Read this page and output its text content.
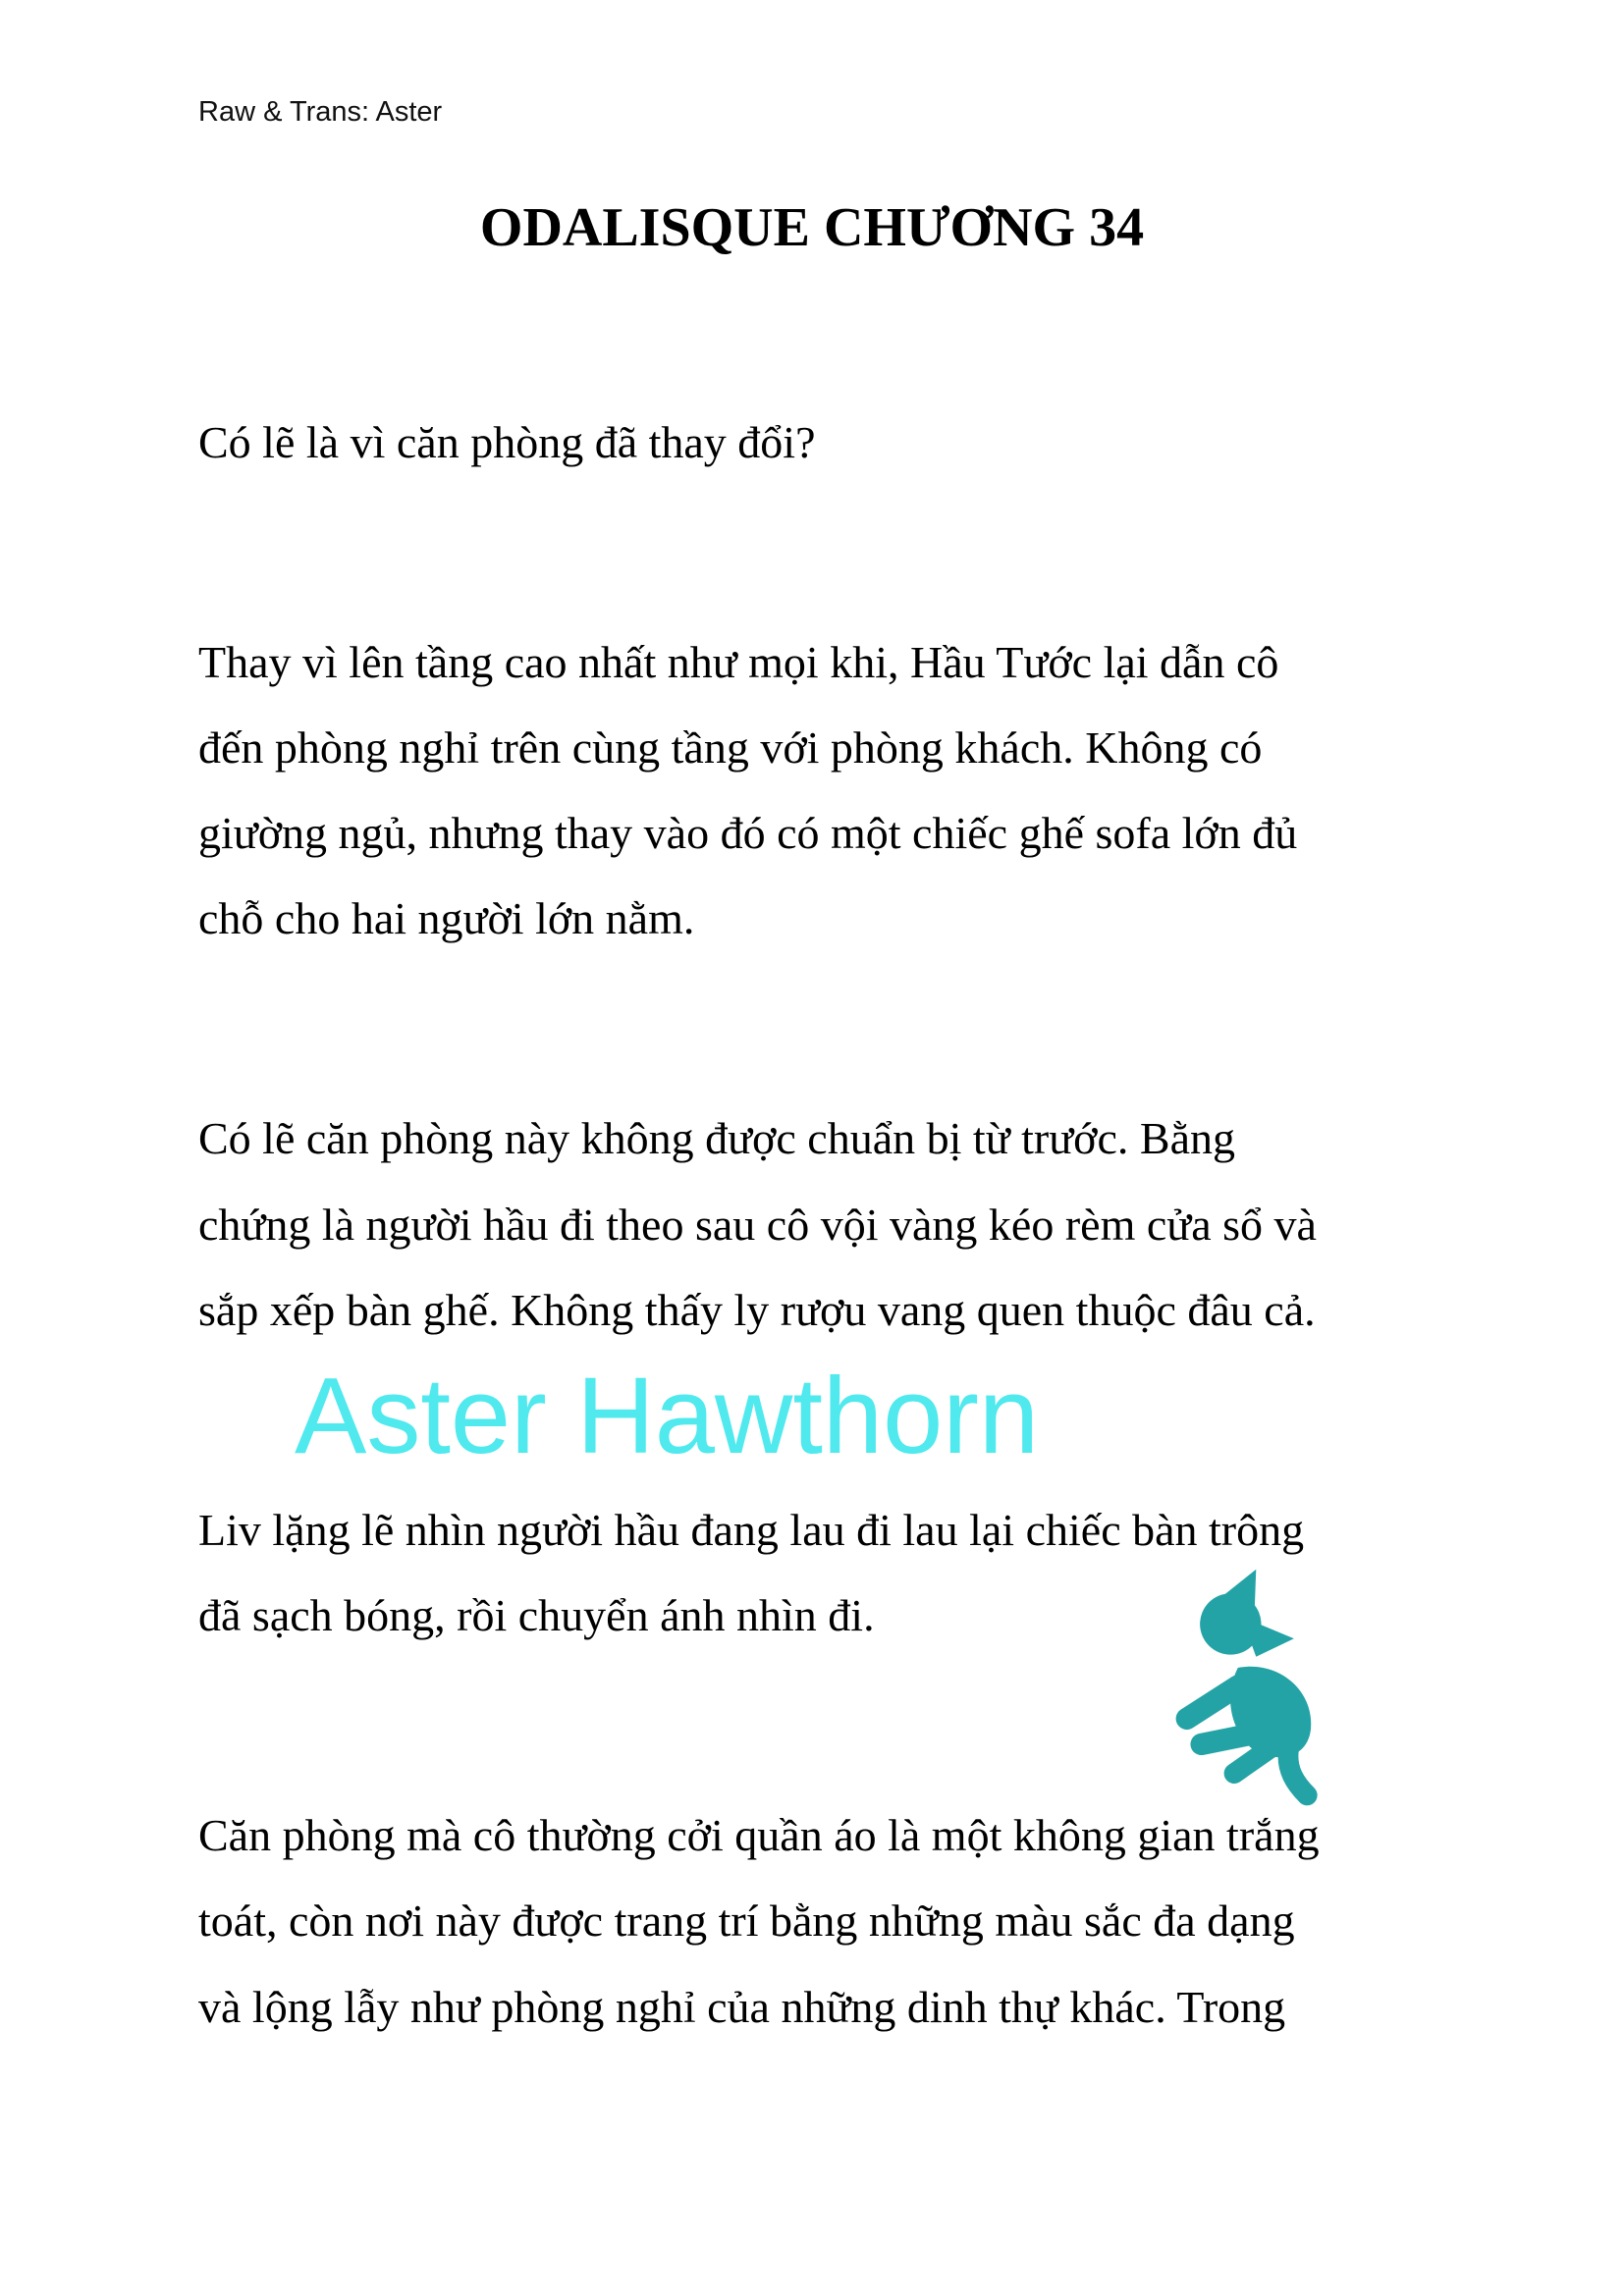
Raw & Trans: Aster
ODALISQUE CHƯƠNG 34
Có lẽ là vì căn phòng đã thay đổi?
Thay vì lên tầng cao nhất như mọi khi, Hầu Tước lại dẫn cô
đến phòng nghỉ trên cùng tầng với phòng khách. Không có
giường ngủ, nhưng thay vào đó có một chiếc ghế sofa lớn đủ
chỗ cho hai người lớn nằm.
Có lẽ căn phòng này không được chuẩn bị từ trước. Bằng
chứng là người hầu đi theo sau cô vội vàng kéo rèm cửa sổ và
sắp xếp bàn ghế. Không thấy ly rượu vang quen thuộc đâu cả.
Aster Hawthorn
Liv lặng lẽ nhìn người hầu đang lau đi lau lại chiếc bàn trông
đã sạch bóng, rồi chuyển ánh nhìn đi.
Căn phòng mà cô thường cởi quần áo là một không gian trắng
toát, còn nơi này được trang trí bằng những màu sắc đa dạng
và lộng lẫy như phòng nghỉ của những dinh thự khác. Trong
